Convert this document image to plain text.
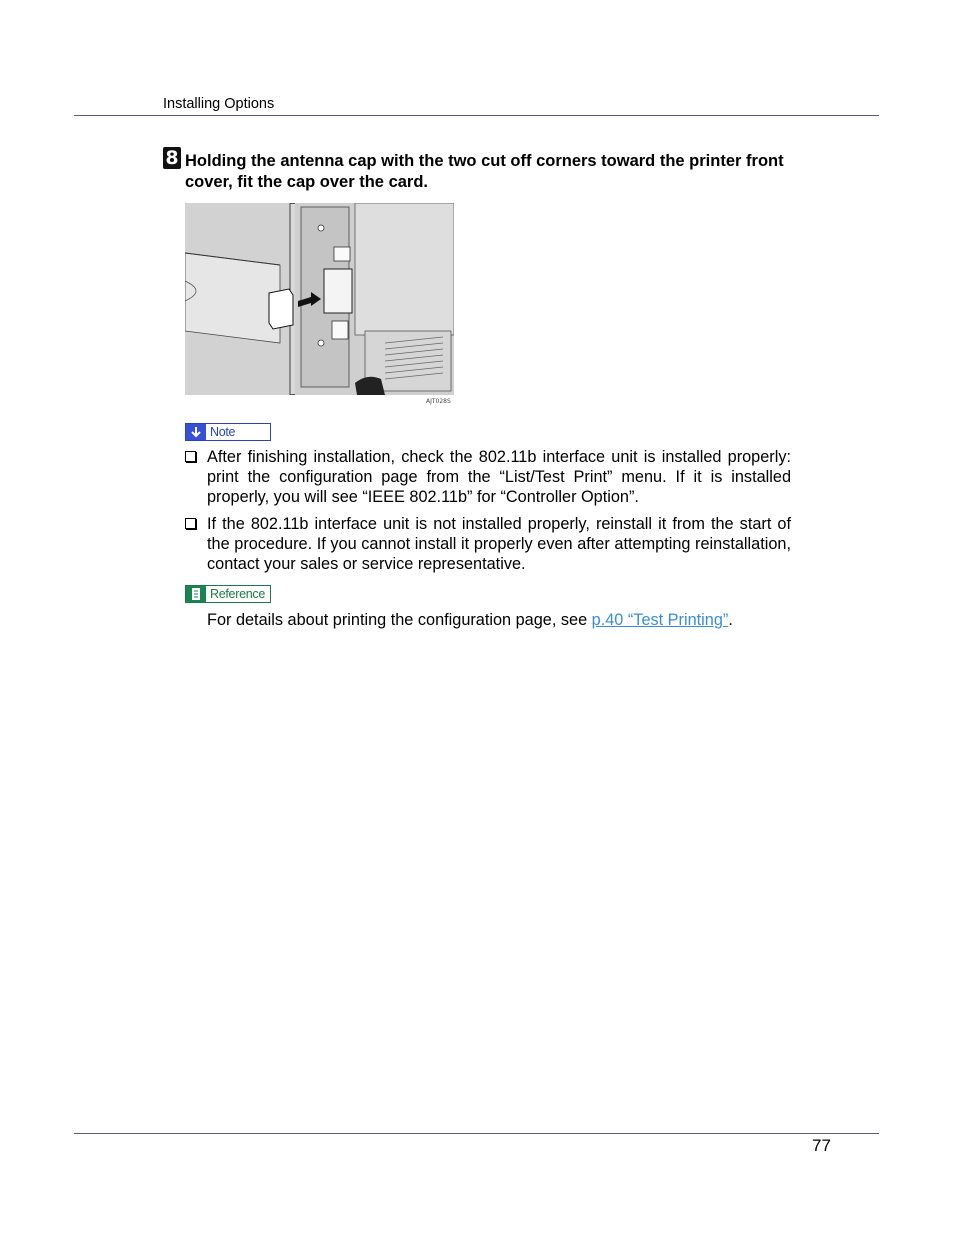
Installing Options
8 Holding the antenna cap with the two cut off corners toward the printer front cover, fit the cap over the card.
AJT028S
Note
After finishing installation, check the 802.11b interface unit is installed properly: print the configuration page from the “List/Test Print” menu. If it is installed properly, you will see “IEEE 802.11b” for “Controller Option”.
If the 802.11b interface unit is not installed properly, reinstall it from the start of the procedure. If you cannot install it properly even after attempting reinstallation, contact your sales or service representative.
Reference
For details about printing the configuration page, see p.40 “Test Printing”.
77
